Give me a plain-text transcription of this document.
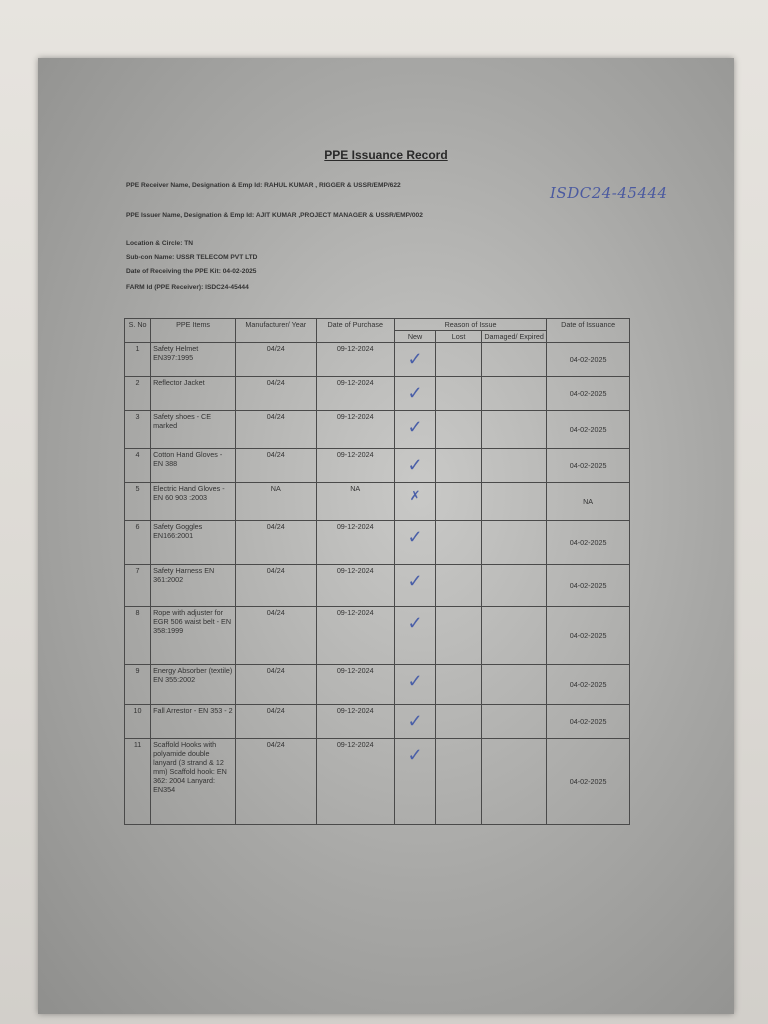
PPE Issuance Record
PPE Receiver Name, Designation & Emp Id: RAHUL KUMAR , RIGGER & USSR/EMP/622	ISDC24-45444
PPE Issuer Name, Designation & Emp Id: AJIT KUMAR ,PROJECT MANAGER & USSR/EMP/002
Location & Circle: TN
Sub-con Name: USSR TELECOM PVT LTD
Date of Receiving the PPE Kit: 04-02-2025
FARM Id (PPE Receiver): ISDC24-45444
S. No	PPE Items	Manufacturer/ Year	Date of Purchase	Reason of Issue			Date of Issuance
				New	Lost	Damaged/ Expired	
1	Safety Helmet EN397:1995	04/24	09-12-2024	✓			04-02-2025
2	Reflector Jacket	04/24	09-12-2024	✓			04-02-2025
3	Safety shoes - CE marked	04/24	09-12-2024	✓			04-02-2025
4	Cotton Hand Gloves - EN 388	04/24	09-12-2024	✓			04-02-2025
5	Electric Hand Gloves - EN 60 903 :2003	NA	NA	✗			NA
6	Safety Goggles EN166:2001	04/24	09-12-2024	✓			04-02-2025
7	Safety Harness EN 361:2002	04/24	09-12-2024	✓			04-02-2025
8	Rope with adjuster for EGR 506 waist belt - EN 358:1999	04/24	09-12-2024	✓			04-02-2025
9	Energy Absorber (textile) EN 355:2002	04/24	09-12-2024	✓			04-02-2025
10	Fall Arrestor - EN 353 - 2	04/24	09-12-2024	✓			04-02-2025
11	Scaffold Hooks with polyamide double lanyard (3 strand & 12 mm) Scaffold hook: EN 362: 2004 Lanyard: EN354	04/24	09-12-2024	✓			04-02-2025
